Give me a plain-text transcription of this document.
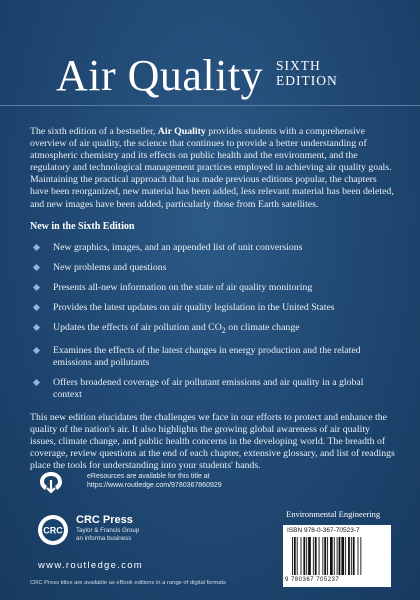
Air Quality SIXTH EDITION

The sixth edition of a bestseller, Air Quality provides students with a comprehensive overview of air quality, the science that continues to provide a better understanding of atmospheric chemistry and its effects on public health and the environment, and the regulatory and technological management practices employed in achieving air quality goals. Maintaining the practical approach that has made previous editions popular, the chapters have been reorganized, new material has been added, less relevant material has been deleted, and new images have been added, particularly those from Earth satellites.

New in the Sixth Edition
New graphics, images, and an appended list of unit conversions
New problems and questions
Presents all-new information on the state of air quality monitoring
Provides the latest updates on air quality legislation in the United States
Updates the effects of air pollution and $CO_2$ on climate change
Examines the effects of the latest changes in energy production and the related emissions and pollutants
Offers broadened coverage of air pollutant emissions and air quality in a global context

This new edition elucidates the challenges we face in our efforts to protect and enhance the quality of the nation's air. It also highlights the growing global awareness of air quality issues, climate change, and public health concerns in the developing world. The breadth of coverage, review questions at the end of each chapter, extensive glossary, and list of readings place the tools for understanding into your students' hands.

eResources are available for this title at
https://www.routledge.com/9780367860929
CRC
CRC Press
Taylor & Francis Group
an informa business
www.routledge.com
CRC Press titles are available as eBook editions in a range of digital formats
Environmental Engineering
ISBN 978-0-367-70523-7
9 780367 705237
